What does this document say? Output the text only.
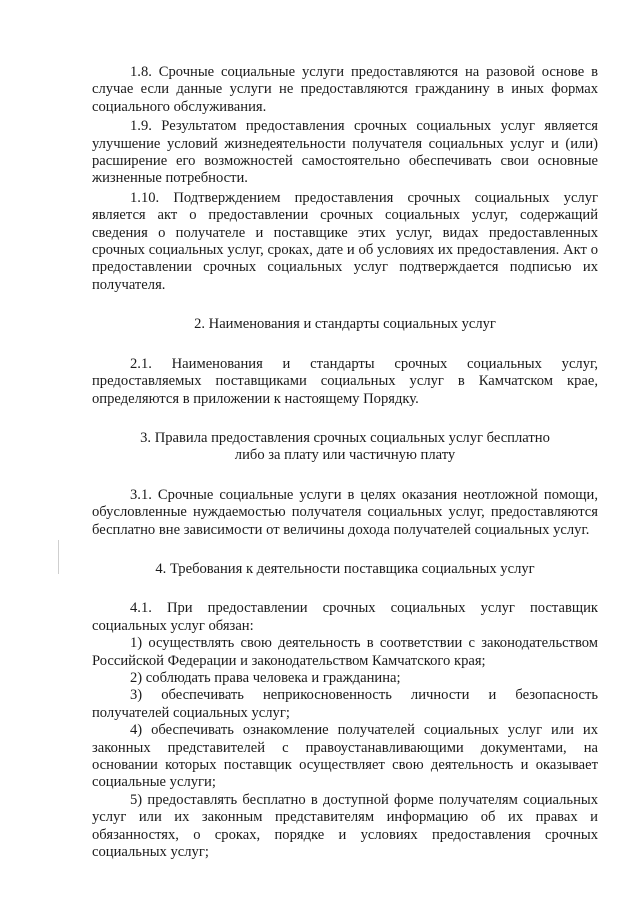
1.8. Срочные социальные услуги предоставляются на разовой основе в случае если данные услуги не предоставляются гражданину в иных формах социального обслуживания.

1.9. Результатом предоставления срочных социальных услуг является улучшение условий жизнедеятельности получателя социальных услуг и (или) расширение его возможностей самостоятельно обеспечивать свои основные жизненные потребности.

1.10. Подтверждением предоставления срочных социальных услуг является акт о предоставлении срочных социальных услуг, содержащий сведения о получателе и поставщике этих услуг, видах предоставленных срочных социальных услуг, сроках, дате и об условиях их предоставления. Акт о предоставлении срочных социальных услуг подтверждается подписью их получателя.

2. Наименования и стандарты социальных услуг

2.1. Наименования и стандарты срочных социальных услуг, предоставляемых поставщиками социальных услуг в Камчатском крае, определяются в приложении к настоящему Порядку.

3. Правила предоставления срочных социальных услуг бесплатно
либо за плату или частичную плату

3.1. Срочные социальные услуги в целях оказания неотложной помощи, обусловленные нуждаемостью получателя социальных услуг, предоставляются бесплатно вне зависимости от величины дохода получателей социальных услуг.

4. Требования к деятельности поставщика социальных услуг

4.1. При предоставлении срочных социальных услуг поставщик социальных услуг обязан:

1) осуществлять свою деятельность в соответствии с законодательством Российской Федерации и законодательством Камчатского края;

2) соблюдать права человека и гражданина;

3) обеспечивать неприкосновенность личности и безопасность получателей социальных услуг;

4) обеспечивать ознакомление получателей социальных услуг или их законных представителей с правоустанавливающими документами, на основании которых поставщик осуществляет свою деятельность и оказывает социальные услуги;

5) предоставлять бесплатно в доступной форме получателям социальных услуг или их законным представителям информацию об их правах и обязанностях, о сроках, порядке и условиях предоставления срочных социальных услуг;
